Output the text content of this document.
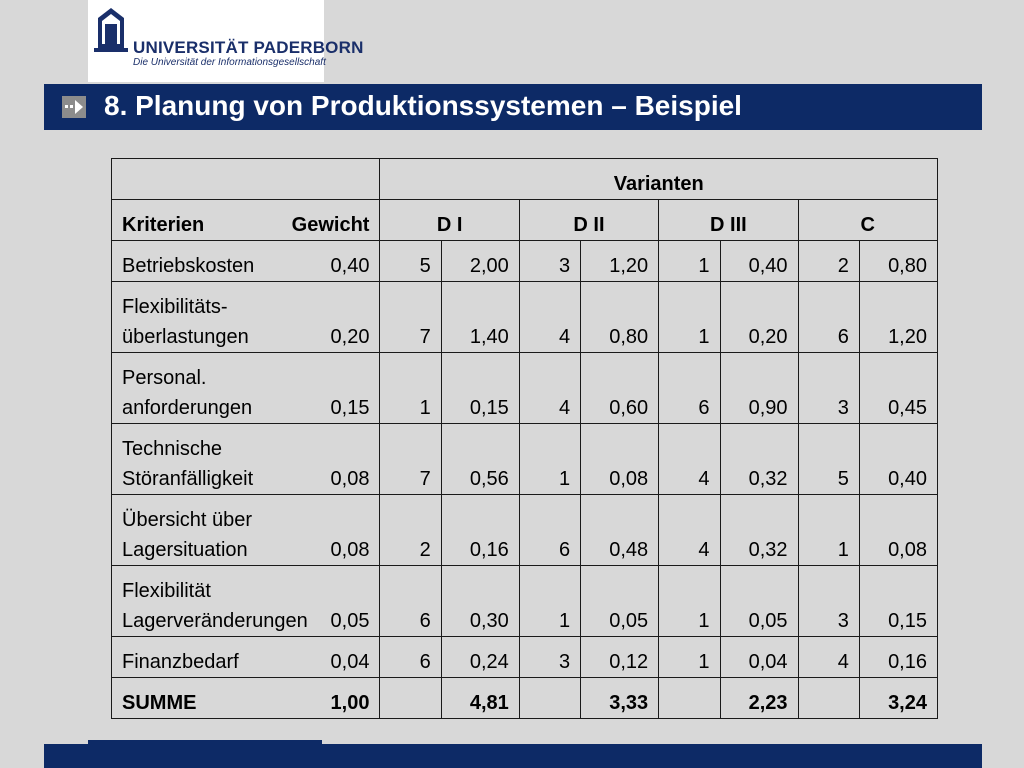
UNIVERSITÄT PADERBORN
Die Universität der Informationsgesellschaft
8. Planung von Produktionssystemen – Beispiel
	Varianten							

Kriterien Gewicht	D I		D II		D III		C	

Betriebskosten 0,40	5	2,00	3	1,20	1	0,40	2	0,80

Flexibilitäts-
überlastungen 0,20	7	1,40	4	0,80	1	0,20	6	1,20

Personal.
anforderungen 0,15	1	0,15	4	0,60	6	0,90	3	0,45

Technische
Störanfälligkeit 0,08	7	0,56	1	0,08	4	0,32	5	0,40

Übersicht über
Lagersituation 0,08	2	0,16	6	0,48	4	0,32	1	0,08

Flexibilität
Lagerveränderungen 0,05	6	0,30	1	0,05	1	0,05	3	0,15

Finanzbedarf 0,04	6	0,24	3	0,12	1	0,04	4	0,16

SUMME 1,00		4,81		3,33		2,23		3,24
